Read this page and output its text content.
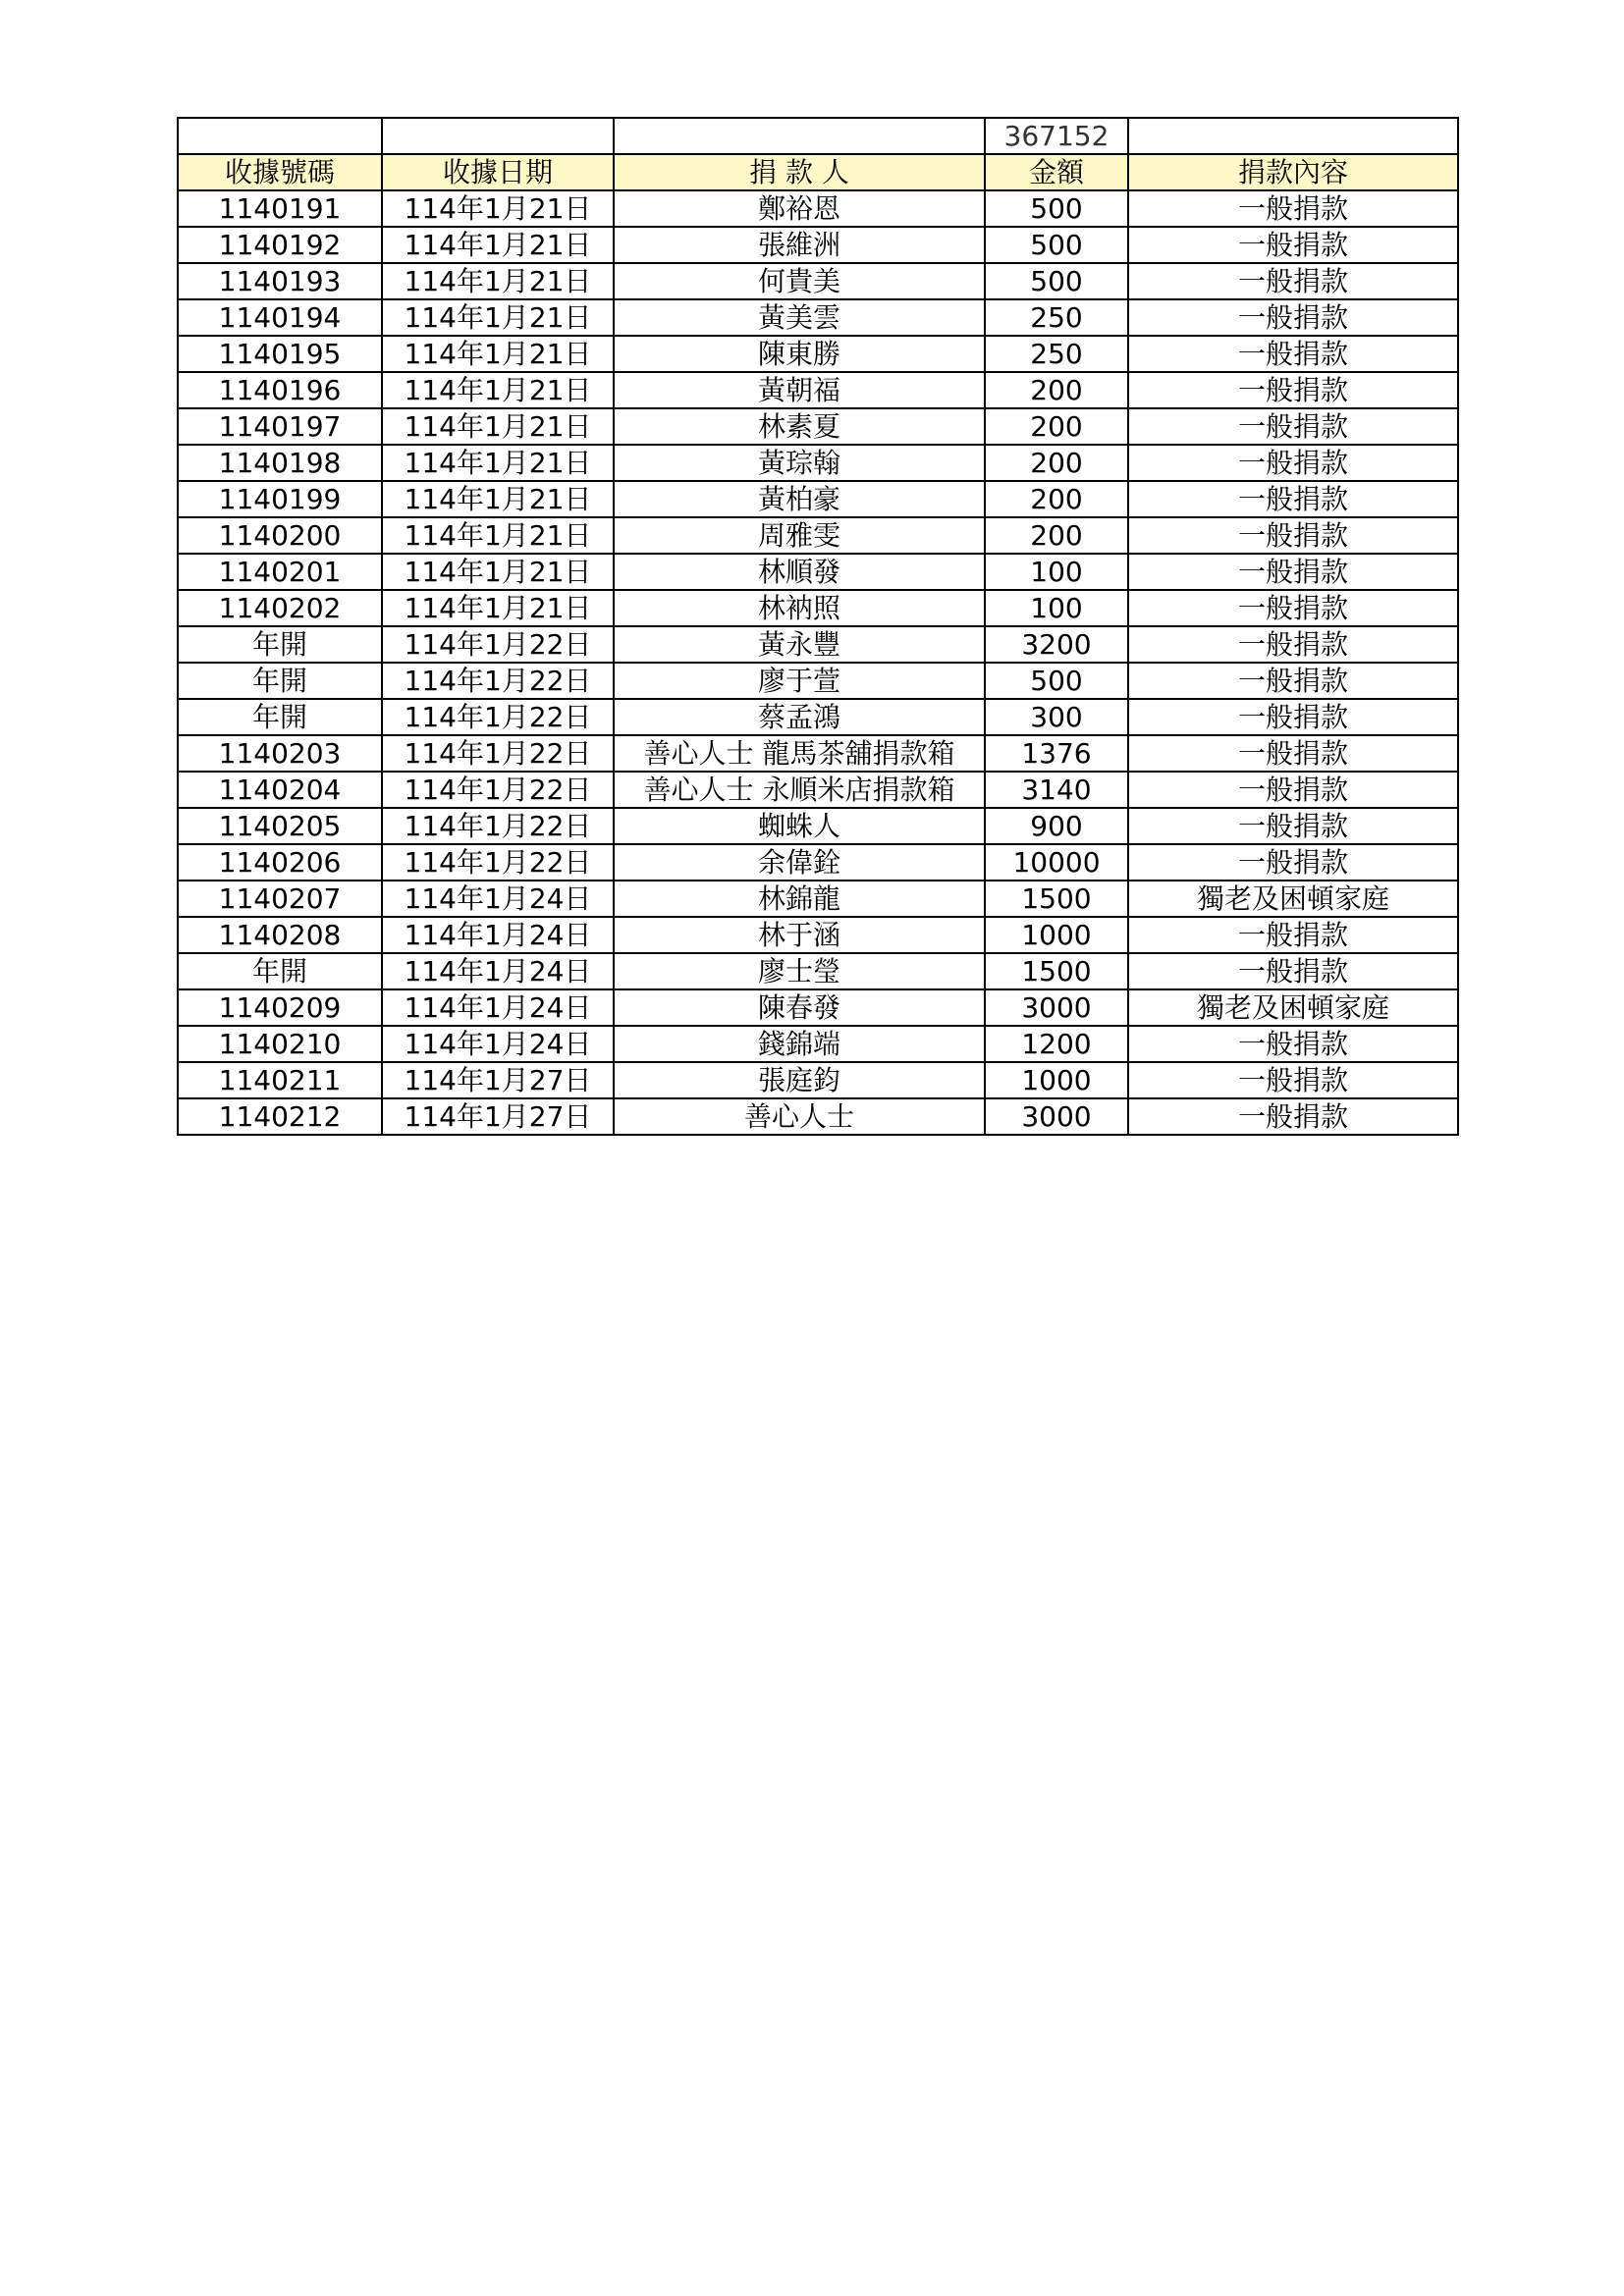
			367152	
收據號碼	收據日期	捐 款 人	金額	捐款內容
1140191	114年1月21日	鄭裕恩	500	一般捐款
1140192	114年1月21日	張維洲	500	一般捐款
1140193	114年1月21日	何貴美	500	一般捐款
1140194	114年1月21日	黃美雲	250	一般捐款
1140195	114年1月21日	陳東勝	250	一般捐款
1140196	114年1月21日	黃朝福	200	一般捐款
1140197	114年1月21日	林素夏	200	一般捐款
1140198	114年1月21日	黃琮翰	200	一般捐款
1140199	114年1月21日	黃柏豪	200	一般捐款
1140200	114年1月21日	周雅雯	200	一般捐款
1140201	114年1月21日	林順發	100	一般捐款
1140202	114年1月21日	林衲照	100	一般捐款
年開	114年1月22日	黃永豐	3200	一般捐款
年開	114年1月22日	廖于萱	500	一般捐款
年開	114年1月22日	蔡孟鴻	300	一般捐款
1140203	114年1月22日	善心人士 龍馬茶舖捐款箱	1376	一般捐款
1140204	114年1月22日	善心人士 永順米店捐款箱	3140	一般捐款
1140205	114年1月22日	蜘蛛人	900	一般捐款
1140206	114年1月22日	余偉銓	10000	一般捐款
1140207	114年1月24日	林錦龍	1500	獨老及困頓家庭
1140208	114年1月24日	林于涵	1000	一般捐款
年開	114年1月24日	廖士瑩	1500	一般捐款
1140209	114年1月24日	陳春發	3000	獨老及困頓家庭
1140210	114年1月24日	錢錦端	1200	一般捐款
1140211	114年1月27日	張庭鈞	1000	一般捐款
1140212	114年1月27日	善心人士	3000	一般捐款
